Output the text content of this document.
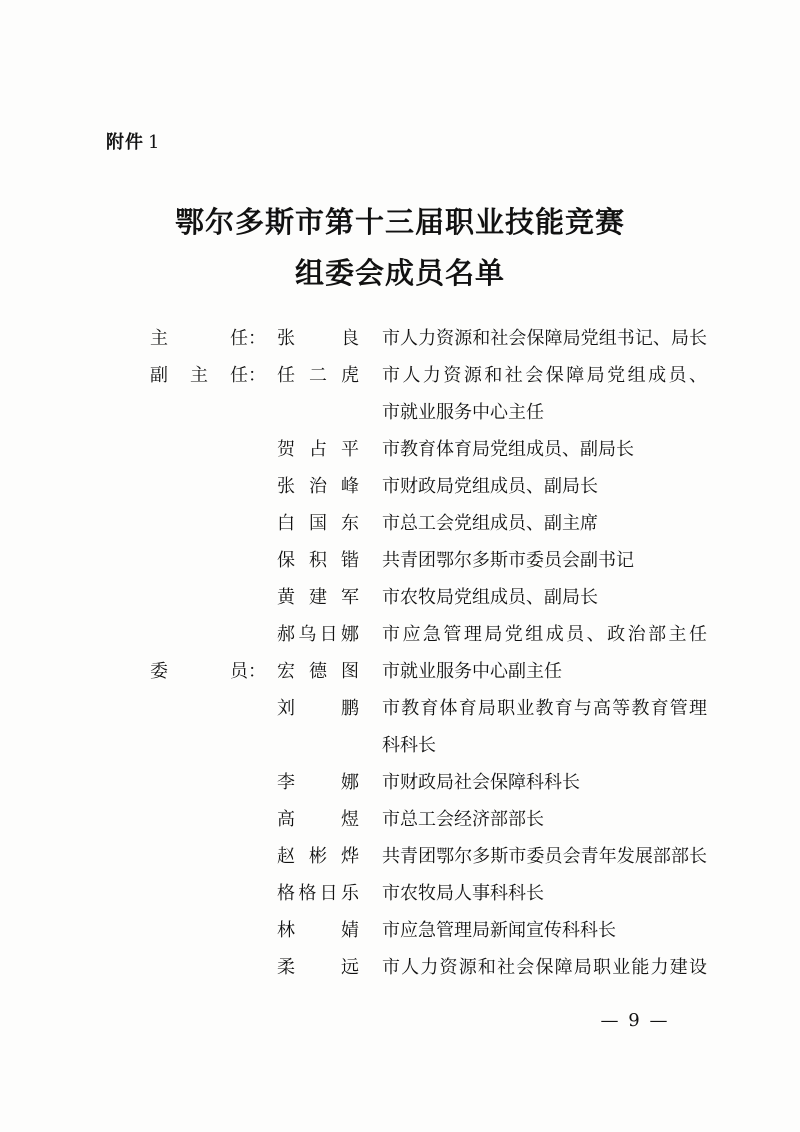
附件 1
鄂尔多斯市第十三届职业技能竞赛
组委会成员名单
主	任： 张	良 市人力资源和社会保障局党组书记、局长
副 主 任： 任 二 虎 市人力资源和社会保障局党组成员、
市就业服务中心主任
贺 占 平 市教育体育局党组成员、副局长
张 治 峰 市财政局党组成员、副局长
白 国 东 市总工会党组成员、副主席
保 积 锴 共青团鄂尔多斯市委员会副书记
黄 建 军 市农牧局党组成员、副局长
郝 乌 日 娜 市应急管理局党组成员、政治部主任
委	员： 宏 德 图 市就业服务中心副主任
刘	鹏 市教育体育局职业教育与高等教育管理
科科长
李	娜 市财政局社会保障科科长
高	煜 市总工会经济部部长
赵 彬 烨 共青团鄂尔多斯市委员会青年发展部部长
格 格 日 乐 市农牧局人事科科长
林	婧 市应急管理局新闻宣传科科长
柔	远 市人力资源和社会保障局职业能力建设
— 9 —
